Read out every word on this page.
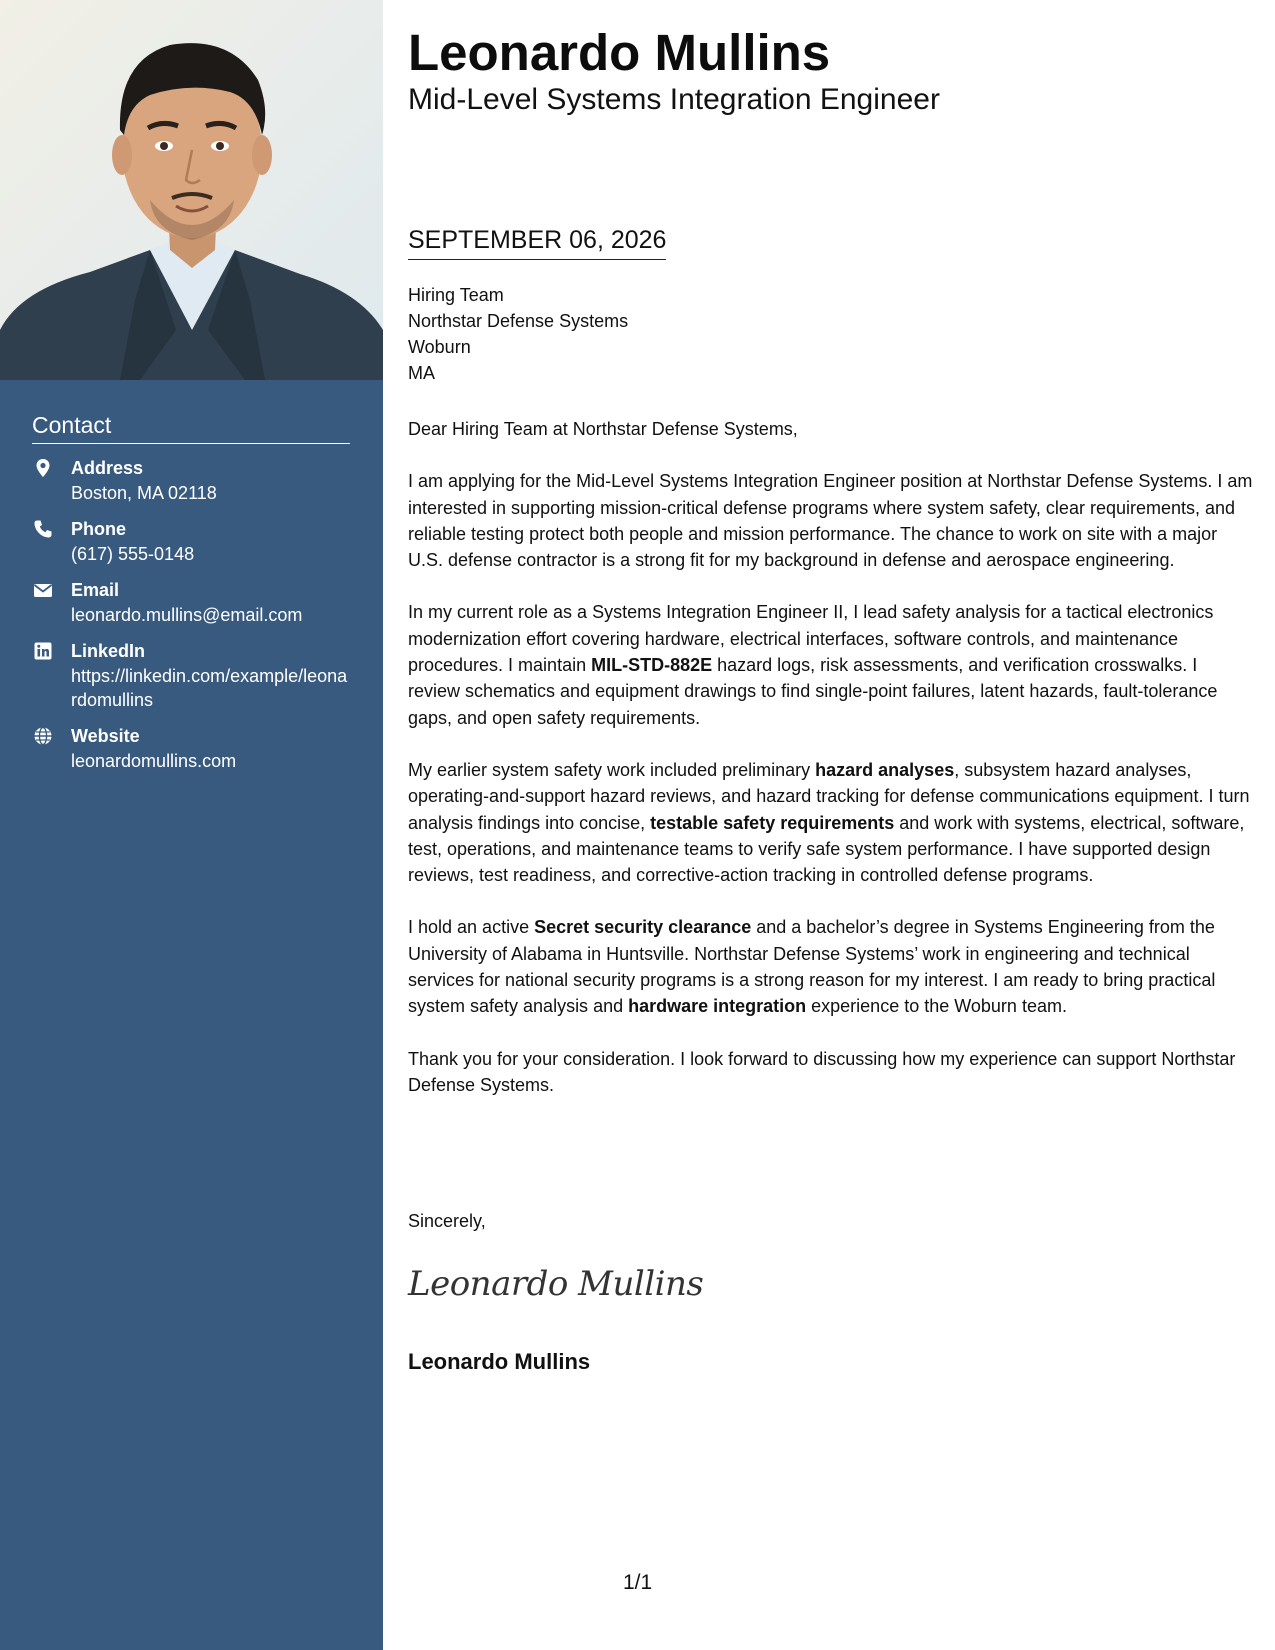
Contact
Address
Boston, MA 02118
Phone
(617) 555-0148
Email
leonardo.mullins@email.com
LinkedIn
https://linkedin.com/example/leonardomullins
Website
leonardomullins.com
Leonardo Mullins
Mid-Level Systems Integration Engineer
SEPTEMBER 06, 2026
Hiring Team
Northstar Defense Systems
Woburn
MA

Dear Hiring Team at Northstar Defense Systems,

I am applying for the Mid-Level Systems Integration Engineer position at Northstar Defense Systems. I am interested in supporting mission-critical defense programs where system safety, clear requirements, and reliable testing protect both people and mission performance. The chance to work on site with a major U.S. defense contractor is a strong fit for my background in defense and aerospace engineering.

In my current role as a Systems Integration Engineer II, I lead safety analysis for a tactical electronics modernization effort covering hardware, electrical interfaces, software controls, and maintenance procedures. I maintain MIL-STD-882E hazard logs, risk assessments, and verification crosswalks. I review schematics and equipment drawings to find single-point failures, latent hazards, fault-tolerance gaps, and open safety requirements.

My earlier system safety work included preliminary hazard analyses, subsystem hazard analyses, operating-and-support hazard reviews, and hazard tracking for defense communications equipment. I turn analysis findings into concise, testable safety requirements and work with systems, electrical, software, test, operations, and maintenance teams to verify safe system performance. I have supported design reviews, test readiness, and corrective-action tracking in controlled defense programs.

I hold an active Secret security clearance and a bachelor’s degree in Systems Engineering from the University of Alabama in Huntsville. Northstar Defense Systems’ work in engineering and technical services for national security programs is a strong reason for my interest. I am ready to bring practical system safety analysis and hardware integration experience to the Woburn team.

Thank you for your consideration. I look forward to discussing how my experience can support Northstar Defense Systems.

Sincerely,
Leonardo Mullins
Leonardo Mullins
1/1
